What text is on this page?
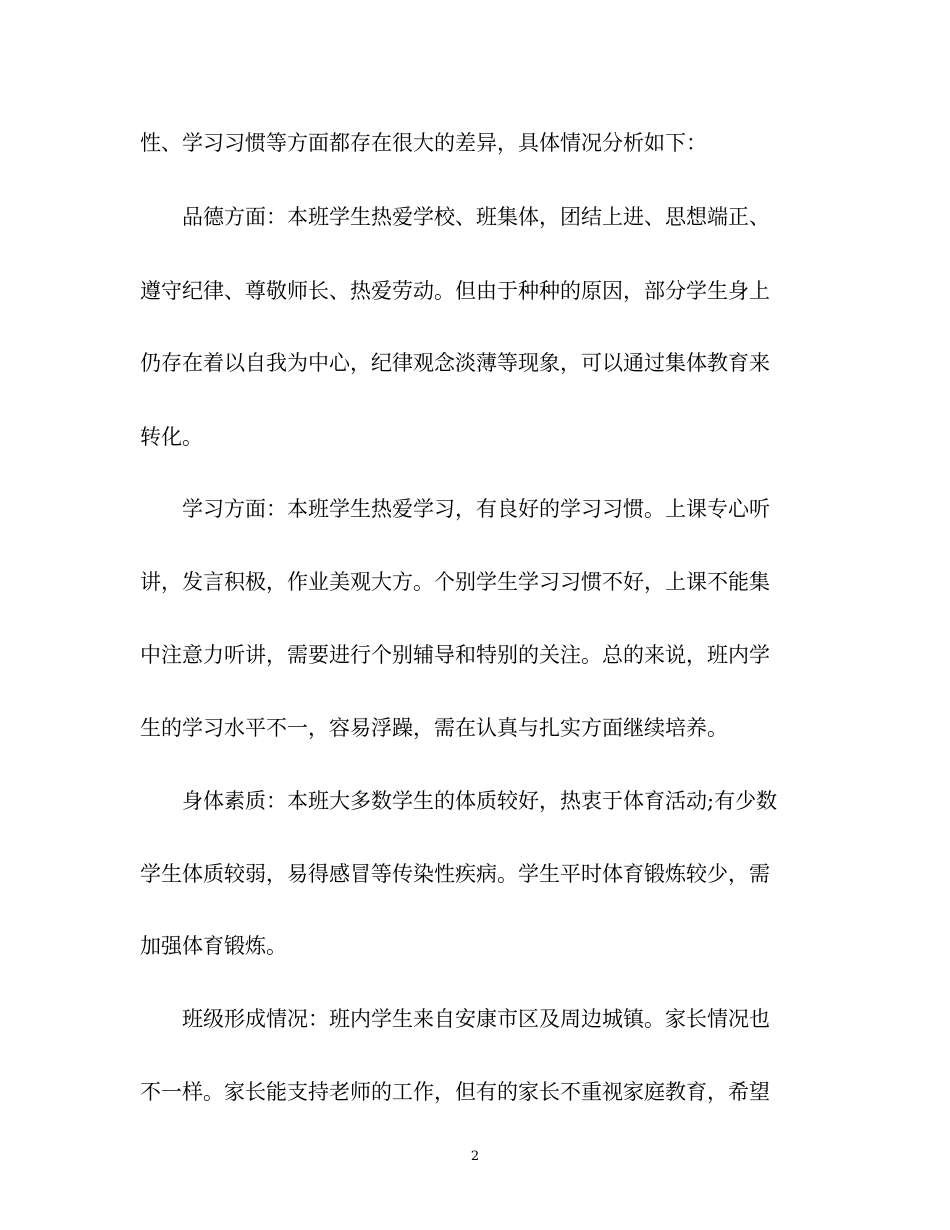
性、学习习惯等方面都存在很大的差异，具体情况分析如下：
品德方面：本班学生热爱学校、班集体，团结上进、思想端正、
遵守纪律、尊敬师长、热爱劳动。但由于种种的原因，部分学生身上
仍存在着以自我为中心，纪律观念淡薄等现象，可以通过集体教育来
转化。
学习方面：本班学生热爱学习，有良好的学习习惯。上课专心听
讲，发言积极，作业美观大方。个别学生学习习惯不好，上课不能集
中注意力听讲，需要进行个别辅导和特别的关注。总的来说，班内学
生的学习水平不一，容易浮躁，需在认真与扎实方面继续培养。
身体素质：本班大多数学生的体质较好，热衷于体育活动;有少数
学生体质较弱，易得感冒等传染性疾病。学生平时体育锻炼较少，需
加强体育锻炼。
班级形成情况：班内学生来自安康市区及周边城镇。家长情况也
不一样。家长能支持老师的工作，但有的家长不重视家庭教育，希望
2
